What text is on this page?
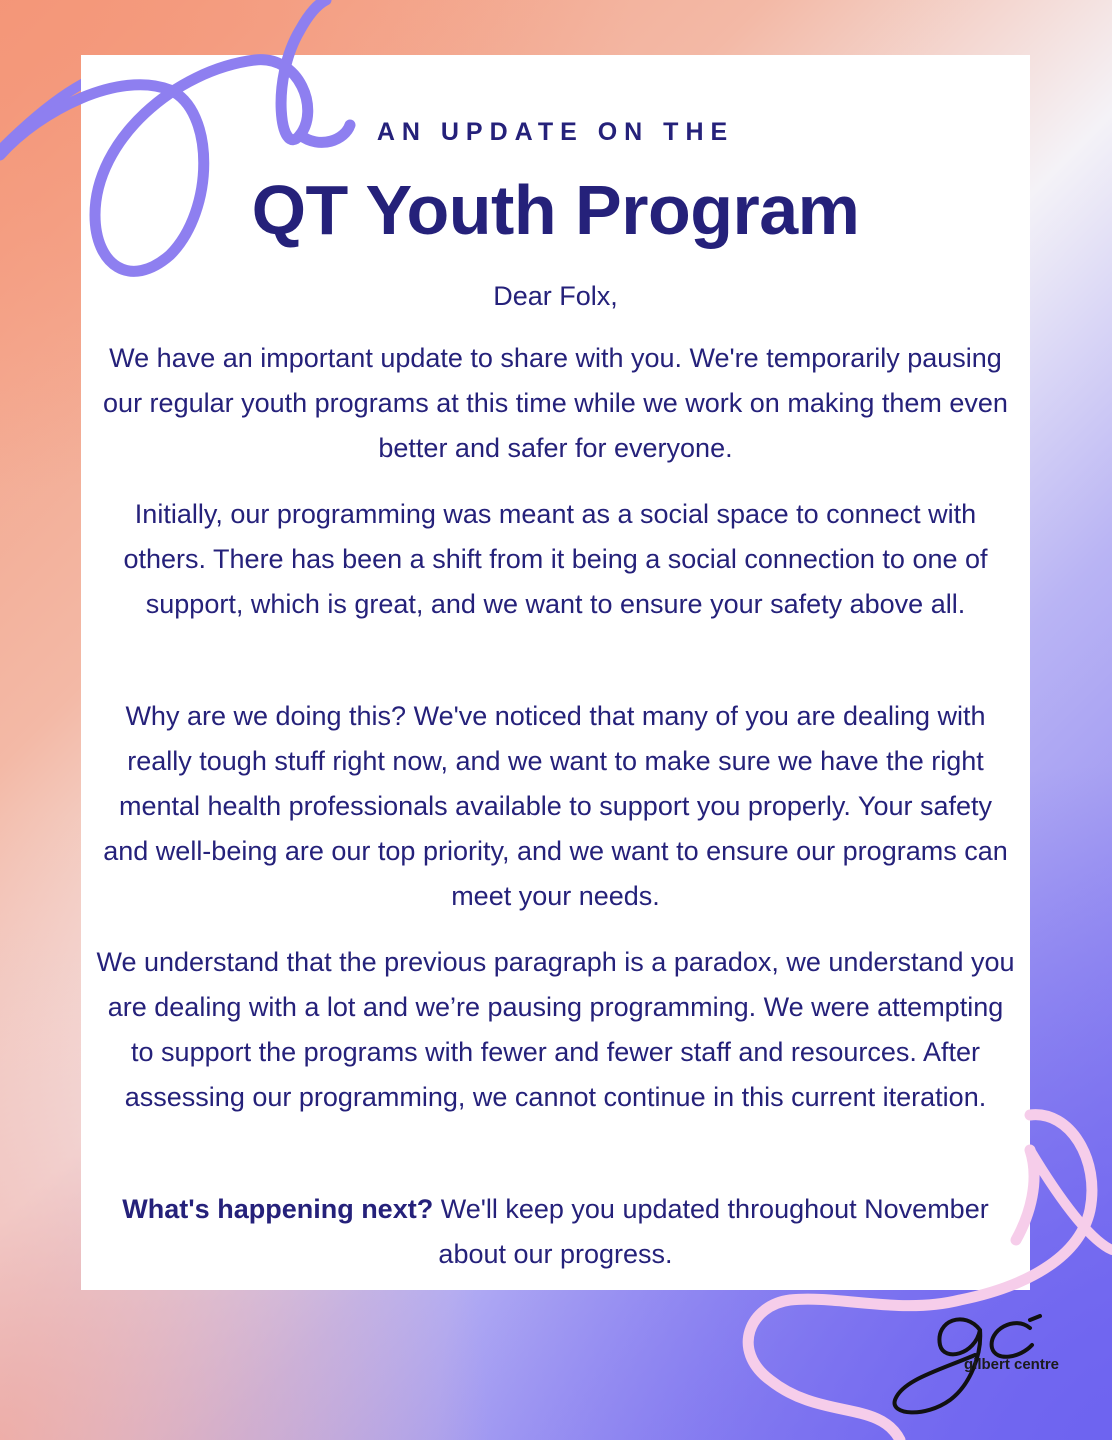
AN UPDATE ON THE
QT Youth Program
Dear Folx,
We have an important update to share with you. We're temporarily pausing our regular youth programs at this time while we work on making them even better and safer for everyone.
Initially, our programming was meant as a social space to connect with others. There has been a shift from it being a social connection to one of support, which is great, and we want to ensure your safety above all.
Why are we doing this? We've noticed that many of you are dealing with really tough stuff right now, and we want to make sure we have the right mental health professionals available to support you properly. Your safety and well-being are our top priority, and we want to ensure our programs can meet your needs.
We understand that the previous paragraph is a paradox, we understand you are dealing with a lot and we’re pausing programming. We were attempting to support the programs with fewer and fewer staff and resources. After assessing our programming, we cannot continue in this current iteration.
What's happening next? We'll keep you updated throughout November about our progress.
gilbert centre
